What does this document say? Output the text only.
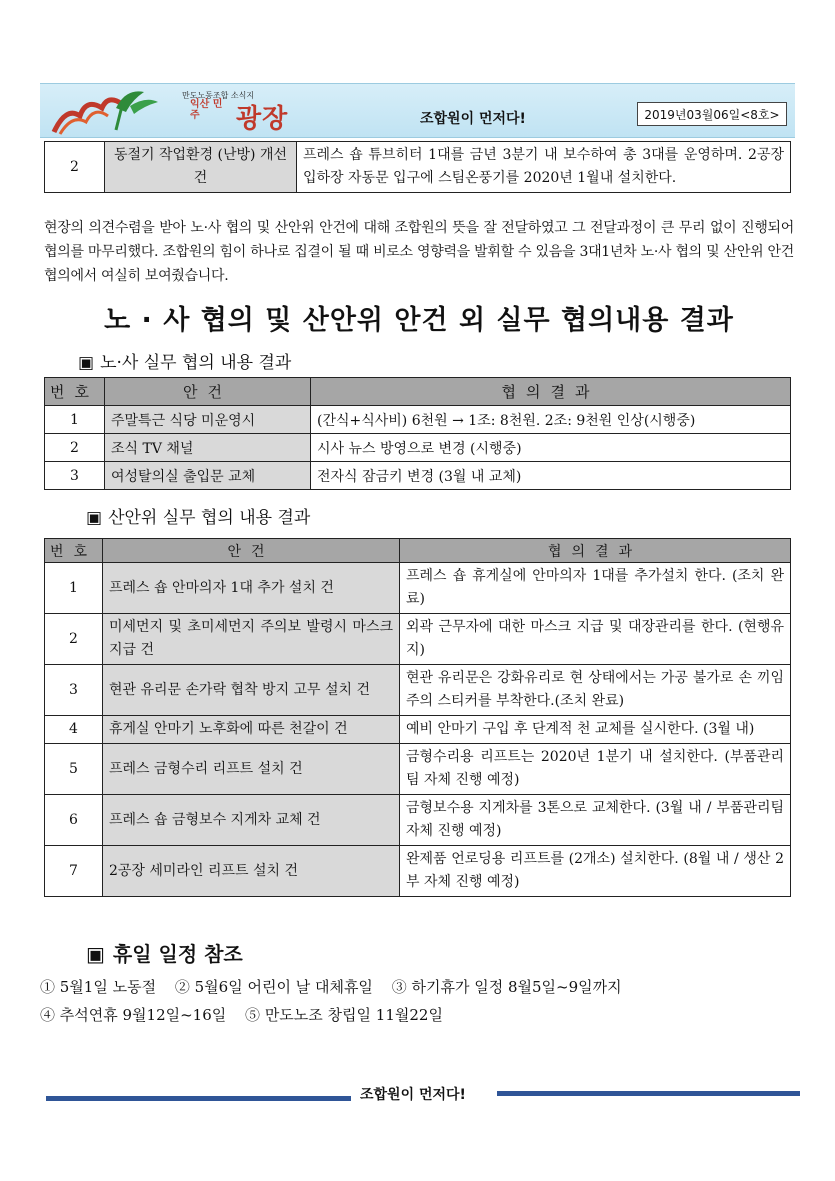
만도노동조합 소식지
익산 민주	광장	조합원이 먼저다!	2019년03월06일<8호>
2	동절기 작업환경 (난방) 개선 건	프레스 숍 튜브히터 1대를 금년 3분기 내 보수하여 총 3대를 운영하며. 2공장 입하장 자동문 입구에 스팀온풍기를 2020년 1월내 설치한다.

현장의 의견수렴을 받아 노·사 협의 및 산안위 안건에 대해 조합원의 뜻을 잘 전달하였고 그 전달과정이 큰 무리 없이 진행되어 협의를 마무리했다. 조합원의 힘이 하나로 집결이 될 때 비로소 영향력을 발휘할 수 있음을 3대1년차 노·사 협의 및 산안위 안건 협의에서 여실히 보여줬습니다.

노 · 사 협의 및 산안위 안건 외 실무 협의내용 결과
▣ 노·사 실무 협의 내용 결과
번호	안건	협의결과
1	주말특근 식당 미운영시	(간식+식사비) 6천원 → 1조: 8천원. 2조: 9천원 인상(시행중)
2	조식 TV 채널	시사 뉴스 방영으로 변경 (시행중)
3	여성탈의실 출입문 교체	전자식 잠금키 변경 (3월 내 교체)
▣ 산안위 실무 협의 내용 결과
번호	안건	협의결과
1	프레스 숍 안마의자 1대 추가 설치 건	프레스 숍 휴게실에 안마의자 1대를 추가설치 한다. (조치 완료)
2	미세먼지 및 초미세먼지 주의보 발령시 마스크 지급 건	외곽 근무자에 대한 마스크 지급 및 대장관리를 한다. (현행유지)
3	현관 유리문 손가락 협착 방지 고무 설치 건	현관 유리문은 강화유리로 현 상태에서는 가공 불가로 손 끼임 주의 스티커를 부착한다.(조치 완료)
4	휴게실 안마기 노후화에 따른 천갈이 건	예비 안마기 구입 후 단계적 천 교체를 실시한다. (3월 내)
5	프레스 금형수리 리프트 설치 건	금형수리용 리프트는 2020년 1분기 내 설치한다. (부품관리팀 자체 진행 예정)
6	프레스 숍 금형보수 지게차 교체 건	금형보수용 지게차를 3톤으로 교체한다. (3월 내 / 부품관리팀 자체 진행 예정)
7	2공장 세미라인 리프트 설치 건	완제품 언로딩용 리프트를 (2개소) 설치한다. (8월 내 / 생산 2부 자체 진행 예정)
▣ 휴일 일정 참조
① 5월1일 노동절 ② 5월6일 어린이 날 대체휴일 ③ 하기휴가 일정 8월5일~9일까지
④ 추석연휴 9월12일~16일 ⑤ 만도노조 창립일 11월22일
조합원이 먼저다!
